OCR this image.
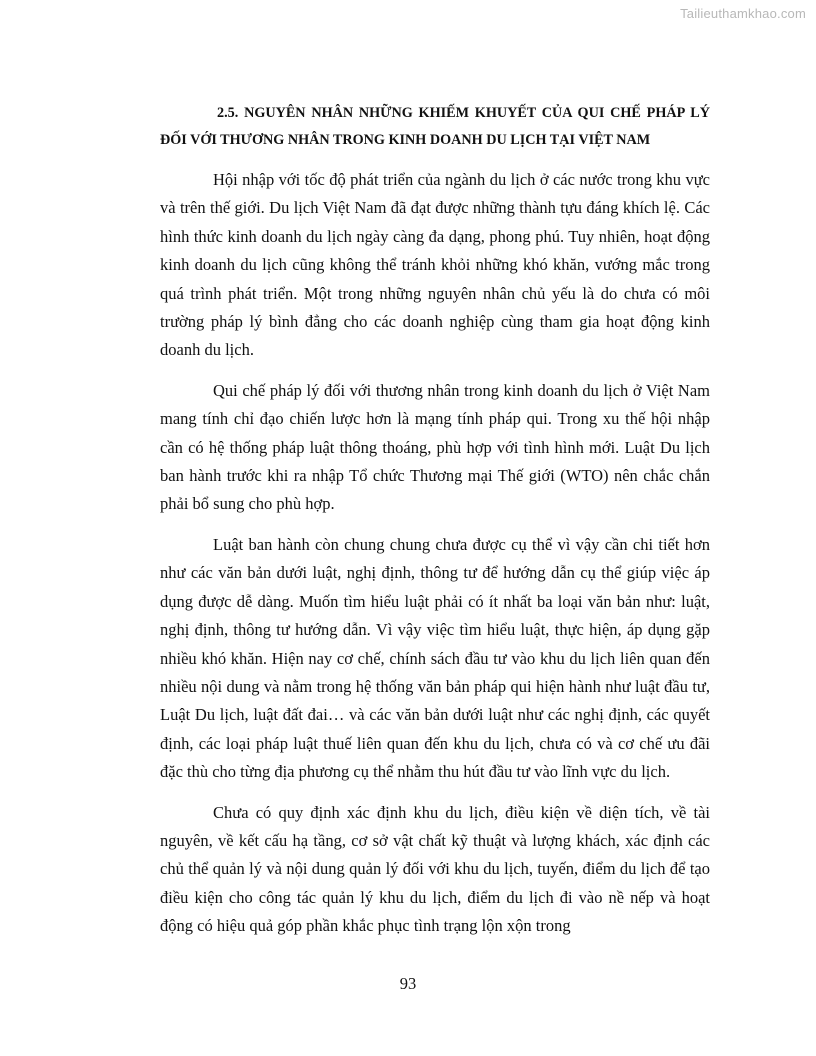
Tailieuthamkhao.com
2.5. NGUYÊN NHÂN NHỮNG KHIẾM KHUYẾT CỦA QUI CHẾ PHÁP LÝ
ĐỐI VỚI THƯƠNG NHÂN TRONG KINH DOANH DU LỊCH TẠI VIỆT NAM

Hội nhập với tốc độ phát triển của ngành du lịch ở các nước trong khu vực và trên thế giới. Du lịch Việt Nam đã đạt được những thành tựu đáng khích lệ. Các hình thức kinh doanh du lịch ngày càng đa dạng, phong phú. Tuy nhiên, hoạt động kinh doanh du lịch cũng không thể tránh khỏi những khó khăn, vướng mắc trong quá trình phát triển. Một trong những nguyên nhân chủ yếu là do chưa có môi trường pháp lý bình đẳng cho các doanh nghiệp cùng tham gia hoạt động kinh doanh du lịch.

Qui chế pháp lý đối với thương nhân trong kinh doanh du lịch ở Việt Nam mang tính chỉ đạo chiến lược hơn là mạng tính pháp qui. Trong xu thế hội nhập cần có hệ thống pháp luật thông thoáng, phù hợp với tình hình mới. Luật Du lịch ban hành trước khi ra nhập Tổ chức Thương mại Thế giới (WTO) nên chắc chắn phải bổ sung cho phù hợp.

Luật ban hành còn chung chung chưa được cụ thể vì vậy cần chi tiết hơn như các văn bản dưới luật, nghị định, thông tư để hướng dẫn cụ thể giúp việc áp dụng được dễ dàng. Muốn tìm hiểu luật phải có ít nhất ba loại văn bản như: luật, nghị định, thông tư hướng dẫn. Vì vậy việc tìm hiểu luật, thực hiện, áp dụng gặp nhiều khó khăn. Hiện nay cơ chế, chính sách đầu tư vào khu du lịch liên quan đến nhiều nội dung và nằm trong hệ thống văn bản pháp qui hiện hành như luật đầu tư, Luật Du lịch, luật đất đai… và các văn bản dưới luật như các nghị định, các quyết định, các loại pháp luật thuế liên quan đến khu du lịch, chưa có và cơ chế ưu đãi đặc thù cho từng địa phương cụ thể nhằm thu hút đầu tư vào lĩnh vực du lịch.

Chưa có quy định xác định khu du lịch, điều kiện về diện tích, về tài nguyên, về kết cấu hạ tầng, cơ sở vật chất kỹ thuật và lượng khách, xác định các chủ thể quản lý và nội dung quản lý đối với khu du lịch, tuyến, điểm du lịch để tạo điều kiện cho công tác quản lý khu du lịch, điểm du lịch đi vào nề nếp và hoạt động có hiệu quả góp phần khắc phục tình trạng lộn xộn trong

93
